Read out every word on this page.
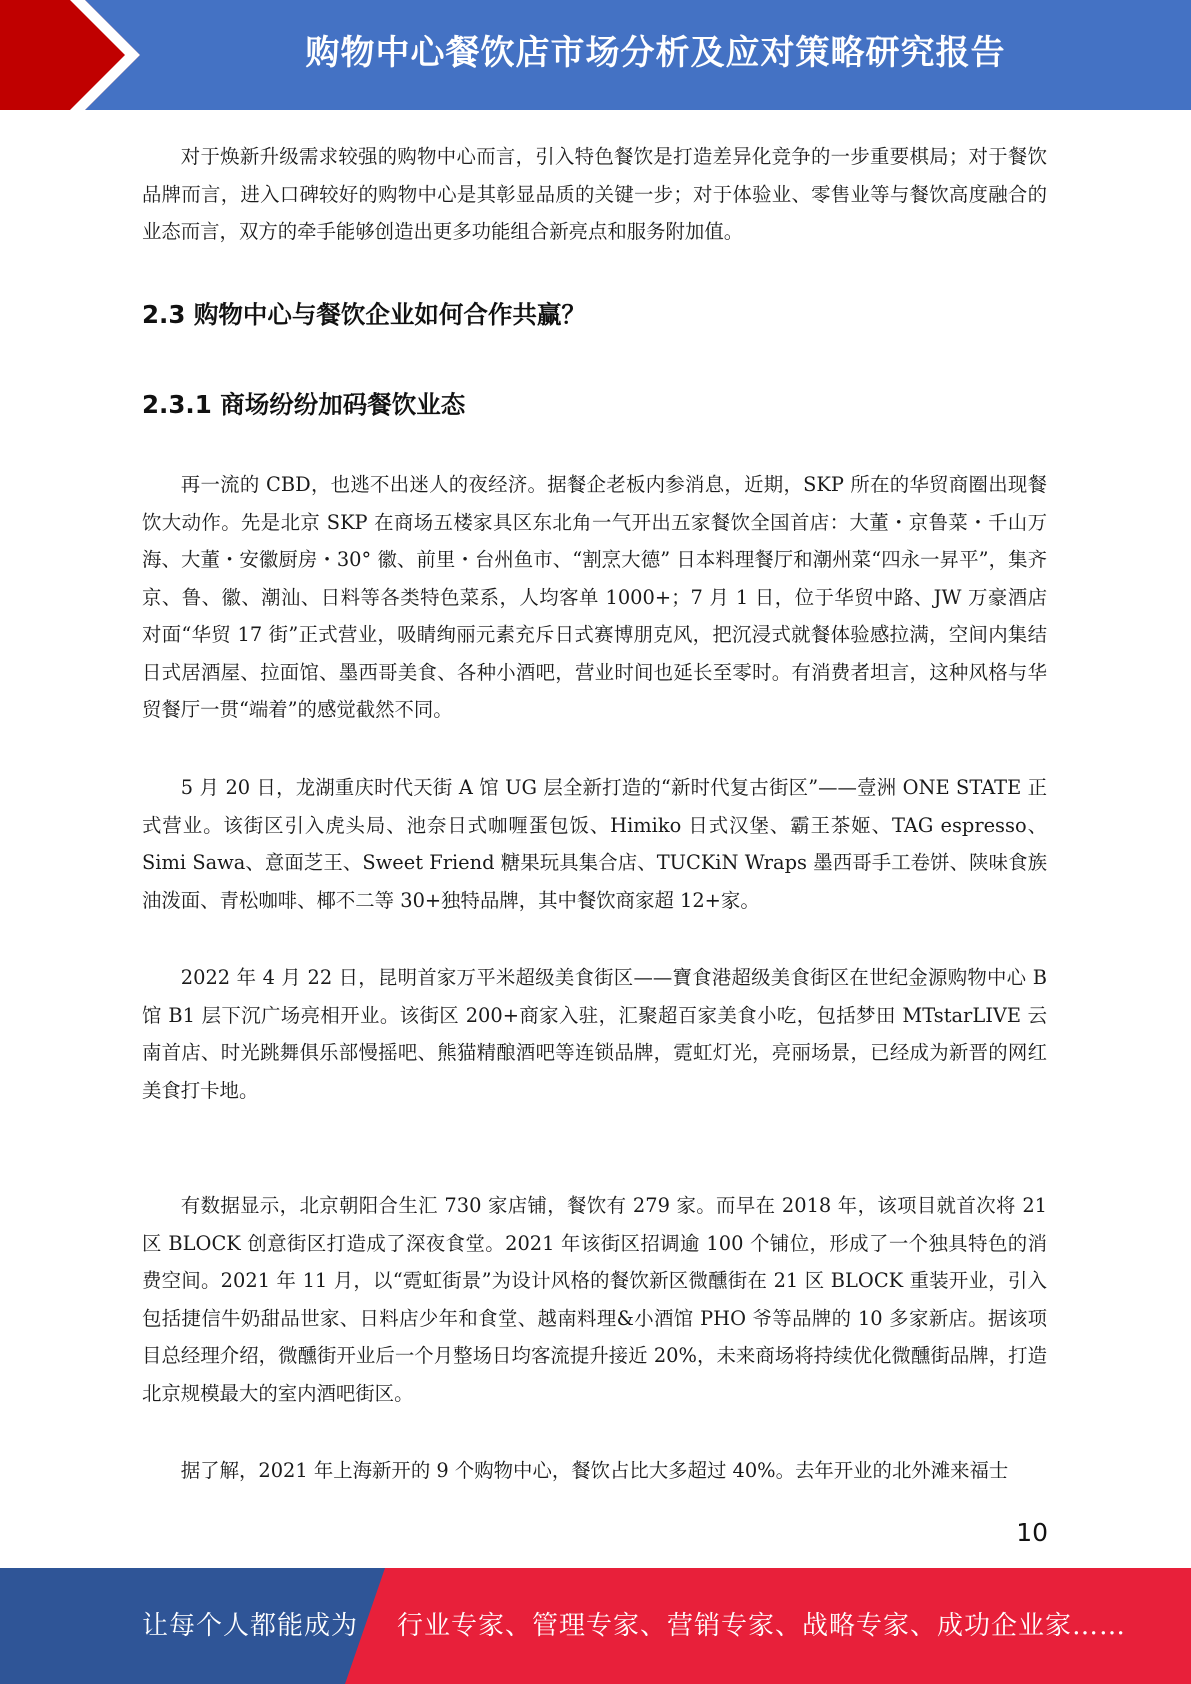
购物中心餐饮店市场分析及应对策略研究报告

对于焕新升级需求较强的购物中心而言，引入特色餐饮是打造差异化竞争的一步重要棋局；对于餐饮品牌而言，进入口碑较好的购物中心是其彰显品质的关键一步；对于体验业、零售业等与餐饮高度融合的业态而言，双方的牵手能够创造出更多功能组合新亮点和服务附加值。

2.3 购物中心与餐饮企业如何合作共赢？
2.3.1 商场纷纷加码餐饮业态

再一流的 CBD，也逃不出迷人的夜经济。据餐企老板内参消息，近期，SKP 所在的华贸商圈出现餐饮大动作。先是北京 SKP 在商场五楼家具区东北角一气开出五家餐饮全国首店：大董・京鲁菜・千山万海、大董・安徽厨房・30° 徽、前里・台州鱼市、“割烹大德” 日本料理餐厅和潮州菜“四永一昇平”，集齐京、鲁、徽、潮汕、日料等各类特色菜系，人均客单 1000+；7 月 1 日，位于华贸中路、JW 万豪酒店对面“华贸 17 街”正式营业，吸睛绚丽元素充斥日式赛博朋克风，把沉浸式就餐体验感拉满，空间内集结日式居酒屋、拉面馆、墨西哥美食、各种小酒吧，营业时间也延长至零时。有消费者坦言，这种风格与华贸餐厅一贯“端着”的感觉截然不同。

5 月 20 日，龙湖重庆时代天街 A 馆 UG 层全新打造的“新时代复古街区”——壹洲 ONE STATE 正式营业。该街区引入虎头局、池奈日式咖喱蛋包饭、Himiko 日式汉堡、霸王茶姬、TAG espresso、Simi Sawa、意面芝王、Sweet Friend 糖果玩具集合店、TUCKiN Wraps 墨西哥手工卷饼、陕味食族油泼面、青松咖啡、椰不二等 30+独特品牌，其中餐饮商家超 12+家。

2022 年 4 月 22 日，昆明首家万平米超级美食街区——寶食港超级美食街区在世纪金源购物中心 B 馆 B1 层下沉广场亮相开业。该街区 200+商家入驻，汇聚超百家美食小吃，包括梦田 MTstarLIVE 云南首店、时光跳舞俱乐部慢摇吧、熊猫精酿酒吧等连锁品牌，霓虹灯光，亮丽场景，已经成为新晋的网红美食打卡地。

有数据显示，北京朝阳合生汇 730 家店铺，餐饮有 279 家。而早在 2018 年，该项目就首次将 21 区 BLOCK 创意街区打造成了深夜食堂。2021 年该街区招调逾 100 个铺位，形成了一个独具特色的消费空间。2021 年 11 月，以“霓虹街景”为设计风格的餐饮新区微醺街在 21 区 BLOCK 重装开业，引入包括捷信牛奶甜品世家、日料店少年和食堂、越南料理&小酒馆 PHO 爷等品牌的 10 多家新店。据该项目总经理介绍，微醺街开业后一个月整场日均客流提升接近 20%，未来商场将持续优化微醺街品牌，打造北京规模最大的室内酒吧街区。

据了解，2021 年上海新开的 9 个购物中心，餐饮占比大多超过 40%。去年开业的北外滩来福士

10
让每个人都能成为 行业专家、管理专家、营销专家、战略专家、成功企业家……
